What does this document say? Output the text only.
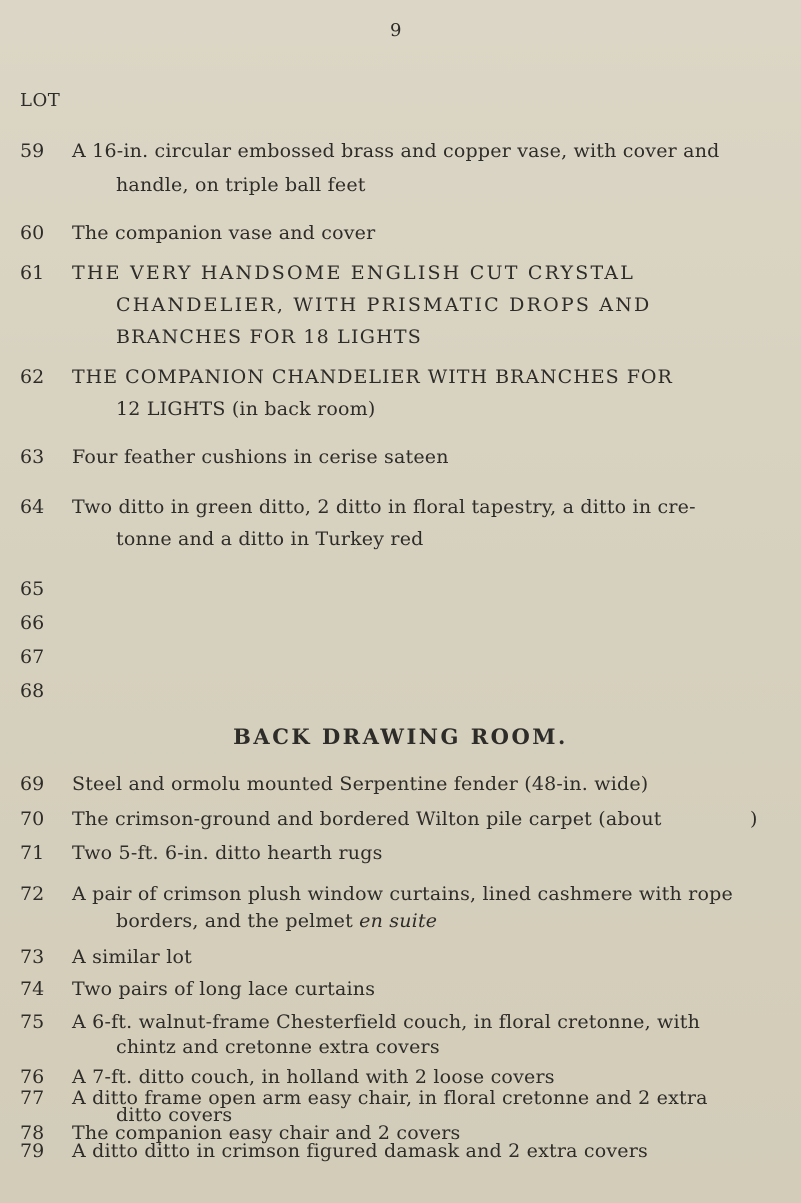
9
LOT
59 A 16-in. circular embossed brass and copper vase, with cover and
handle, on triple ball feet
60 The companion vase and cover
61 THE VERY HANDSOME ENGLISH CUT CRYSTAL
CHANDELIER, WITH PRISMATIC DROPS AND
BRANCHES FOR 18 LIGHTS
62 THE COMPANION CHANDELIER WITH BRANCHES FOR
12 LIGHTS (in back room)
63 Four feather cushions in cerise sateen
64 Two ditto in green ditto, 2 ditto in floral tapestry, a ditto in cre-
tonne and a ditto in Turkey red
65
66
67
68
BACK DRAWING ROOM.
69 Steel and ormolu mounted Serpentine fender (48-in. wide)
70 The crimson-ground and bordered Wilton pile carpet (about	)
71 Two 5-ft. 6-in. ditto hearth rugs
72 A pair of crimson plush window curtains, lined cashmere with rope
borders, and the pelmet en suite
73 A similar lot
74 Two pairs of long lace curtains
75 A 6-ft. walnut-frame Chesterfield couch, in floral cretonne, with
chintz and cretonne extra covers
76 A 7-ft. ditto couch, in holland with 2 loose covers
77 A ditto frame open arm easy chair, in floral cretonne and 2 extra
ditto covers
78 The companion easy chair and 2 covers
79 A ditto ditto in crimson figured damask and 2 extra covers
